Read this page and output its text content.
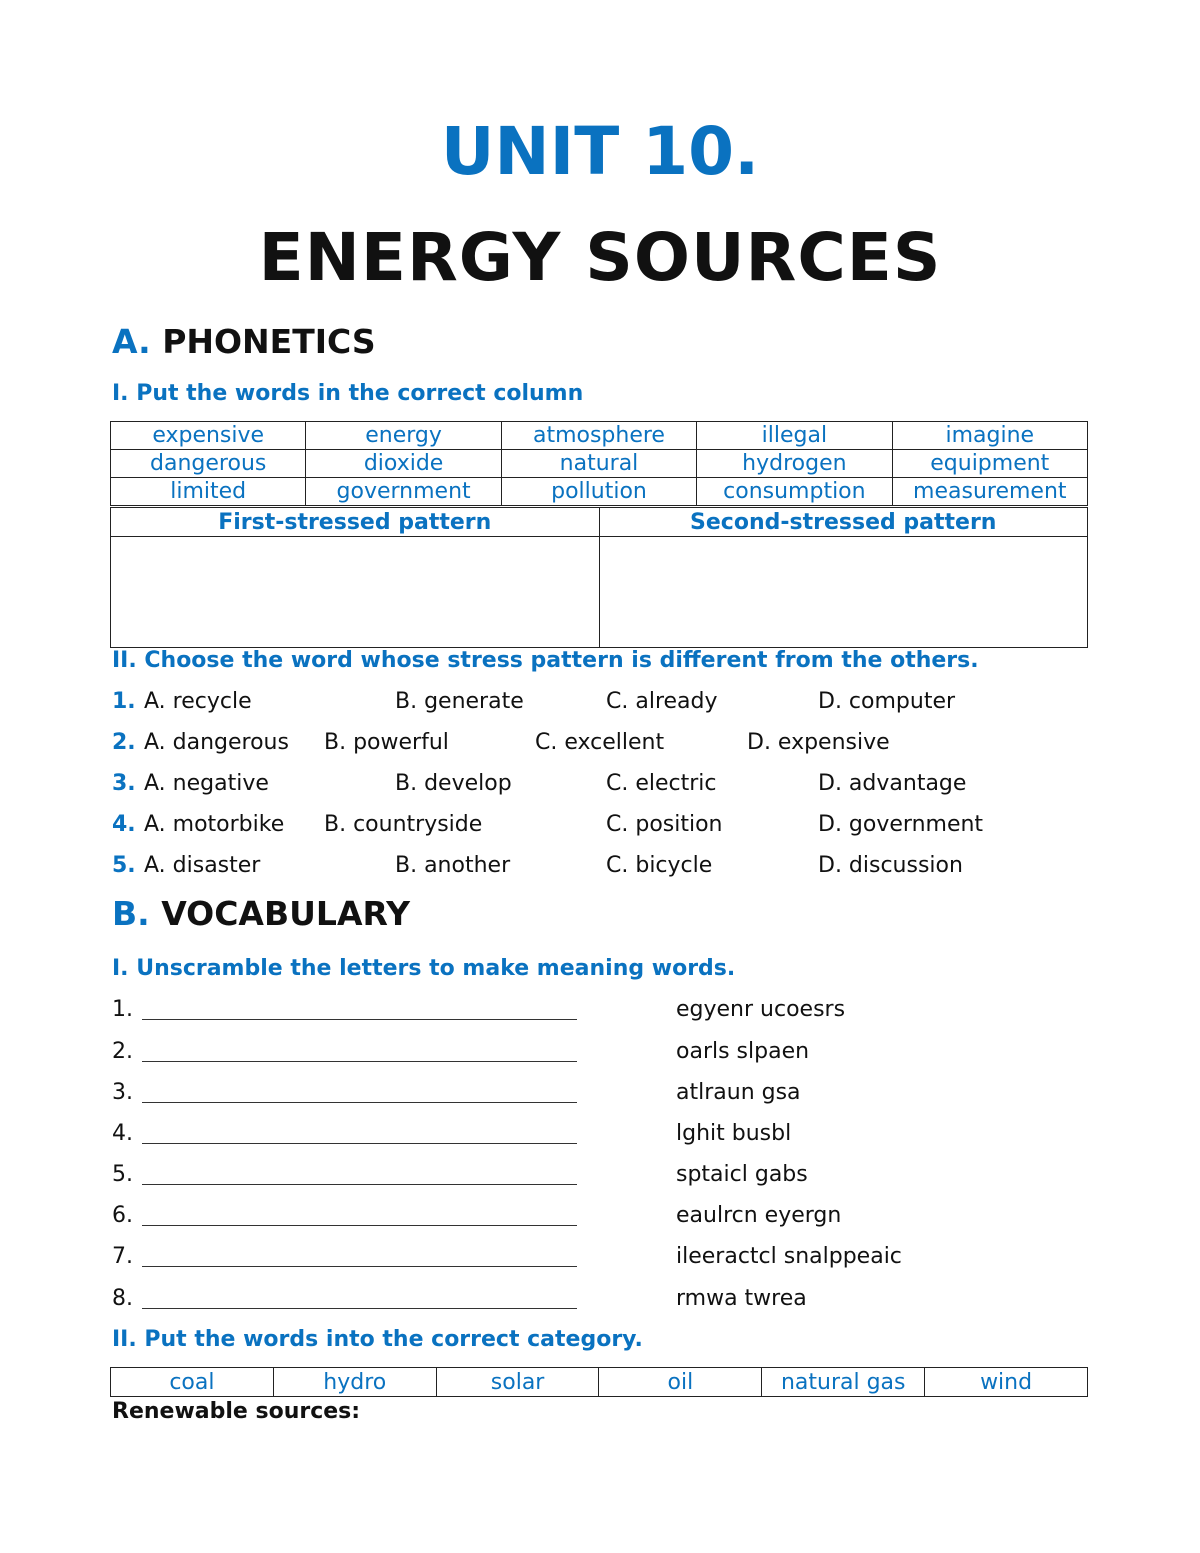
UNIT 10.
ENERGY SOURCES
A. PHONETICS
I. Put the words in the correct column
expensive	energy	atmosphere	illegal	imagine
dangerous	dioxide	natural	hydrogen	equipment
limited	government	pollution	consumption	measurement
First-stressed pattern	Second-stressed pattern

II. Choose the word whose stress pattern is different from the others.
1. A. recycle	B. generate	C. already	D. computer
2. A. dangerous B. powerful	C. excellent	D. expensive
3. A. negative	B. develop	C. electric	D. advantage
4. A. motorbike B. countryside	C. position	D. government
5. A. disaster	B. another	C. bicycle	D. discussion
B. VOCABULARY
I. Unscramble the letters to make meaning words.
1.	egyenr ucoesrs
2.	oarls slpaen
3.	atlraun gsa
4.	lghit busbl
5.	sptaicl gabs
6.	eaulrcn eyergn
7.	ileeractcl snalppeaic
8.	rmwa twrea
II. Put the words into the correct category.
coal	hydro	solar	oil	natural gas	wind
Renewable sources:
